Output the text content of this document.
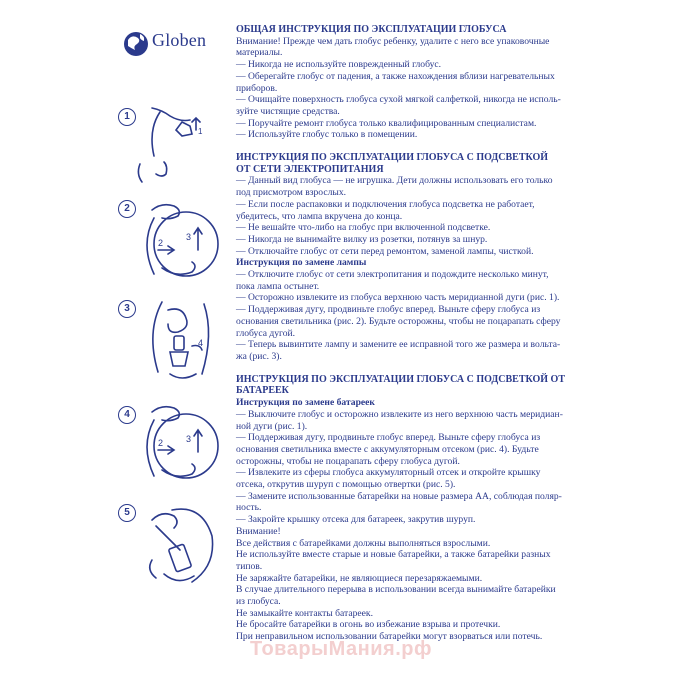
Globen
1
1
2
2
3
3
4
4
2	3
5
ОБЩАЯ ИНСТРУКЦИЯ ПО ЭКСПЛУАТАЦИИ ГЛОБУСА

Внимание! Прежде чем дать глобус ребенку, удалите с него все упаковочные

материалы.

— Никогда не используйте поврежденный глобус.

— Оберегайте глобус от падения, а также нахождения вблизи нагревательных

приборов.

— Очищайте поверхность глобуса сухой мягкой салфеткой, никогда не исполь-

зуйте чистящие средства.

— Поручайте ремонт глобуса только квалифицированным специалистам.

— Используйте глобус только в помещении.

ИНСТРУКЦИЯ ПО ЭКСПЛУАТАЦИИ ГЛОБУСА С ПОДСВЕТКОЙ
ОТ СЕТИ ЭЛЕКТРОПИТАНИЯ

— Данный вид глобуса — не игрушка. Дети должны использовать его только

под присмотром взрослых.

— Если после распаковки и подключения глобуса подсветка не работает,

убедитесь, что лампа вкручена до конца.

— Не вешайте что-либо на глобус при включенной подсветке.

— Никогда не вынимайте вилку из розетки, потянув за шнур.

— Отключайте глобус от сети перед ремонтом, заменой лампы, чисткой.

Инструкция по замене лампы

— Отключите глобус от сети электропитания и подождите несколько минут,

пока лампа остынет.

— Осторожно извлеките из глобуса верхнюю часть меридианной дуги (рис. 1).

— Поддерживая дугу, продвиньте глобус вперед. Выньте сферу глобуса из

основания светильника (рис. 2). Будьте осторожны, чтобы не поцарапать сферу

глобуса дугой.

— Теперь вывинтите лампу и замените ее исправной того же размера и вольта-

жа (рис. 3).

ИНСТРУКЦИЯ ПО ЭКСПЛУАТАЦИИ ГЛОБУСА С ПОДСВЕТКОЙ ОТ
БАТАРЕЕК
Инструкция по замене батареек

— Выключите глобус и осторожно извлеките из него верхнюю часть меридиан-

ной дуги (рис. 1).

— Поддерживая дугу, продвиньте глобус вперед. Выньте сферу глобуса из

основания светильника вместе с аккумуляторным отсеком (рис. 4). Будьте

осторожны, чтобы не поцарапать сферу глобуса дугой.

— Извлеките из сферы глобуса аккумуляторный отсек и откройте крышку

отсека, открутив шуруп с помощью отвертки (рис. 5).

— Замените использованные батарейки на новые размера АА, соблюдая поляр-

ность.

— Закройте крышку отсека для батареек, закрутив шуруп.

Внимание!

Все действия с батарейками должны выполняться взрослыми.

Не используйте вместе старые и новые батарейки, а также батарейки разных

типов.

Не заряжайте батарейки, не являющиеся перезаряжаемыми.

В случае длительного перерыва в использовании всегда вынимайте батарейки

из глобуса.

Не замыкайте контакты батареек.

Не бросайте батарейки в огонь во избежание взрыва и протечки.

При неправильном использовании батарейки могут взорваться или потечь.

ТоварыМания.рф
